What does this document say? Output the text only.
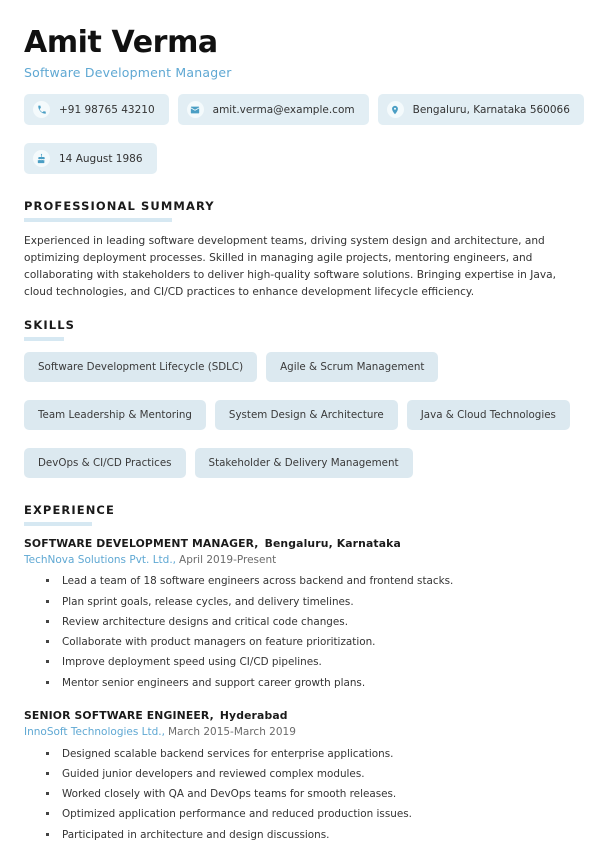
Amit Verma
Software Development Manager
+91 98765 43210	amit.verma@example.com	Bengaluru, Karnataka 560066
14 August 1986
PROFESSIONAL SUMMARY

Experienced in leading software development teams, driving system design and architecture, and optimizing deployment processes. Skilled in managing agile projects, mentoring engineers, and collaborating with stakeholders to deliver high-quality software solutions. Bringing expertise in Java, cloud technologies, and CI/CD practices to enhance development lifecycle efficiency.

SKILLS
Software Development Lifecycle (SDLC)	Agile & Scrum Management
Team Leadership & Mentoring	System Design & Architecture	Java & Cloud Technologies
DevOps & CI/CD Practices	Stakeholder & Delivery Management
EXPERIENCE
SOFTWARE DEVELOPMENT MANAGER, Bengaluru, Karnataka
TechNova Solutions Pvt. Ltd., April 2019-Present
Lead a team of 18 software engineers across backend and frontend stacks.
Plan sprint goals, release cycles, and delivery timelines.
Review architecture designs and critical code changes.
Collaborate with product managers on feature prioritization.
Improve deployment speed using CI/CD pipelines.
Mentor senior engineers and support career growth plans.
SENIOR SOFTWARE ENGINEER, Hyderabad
InnoSoft Technologies Ltd., March 2015-March 2019
Designed scalable backend services for enterprise applications.
Guided junior developers and reviewed complex modules.
Worked closely with QA and DevOps teams for smooth releases.
Optimized application performance and reduced production issues.
Participated in architecture and design discussions.
